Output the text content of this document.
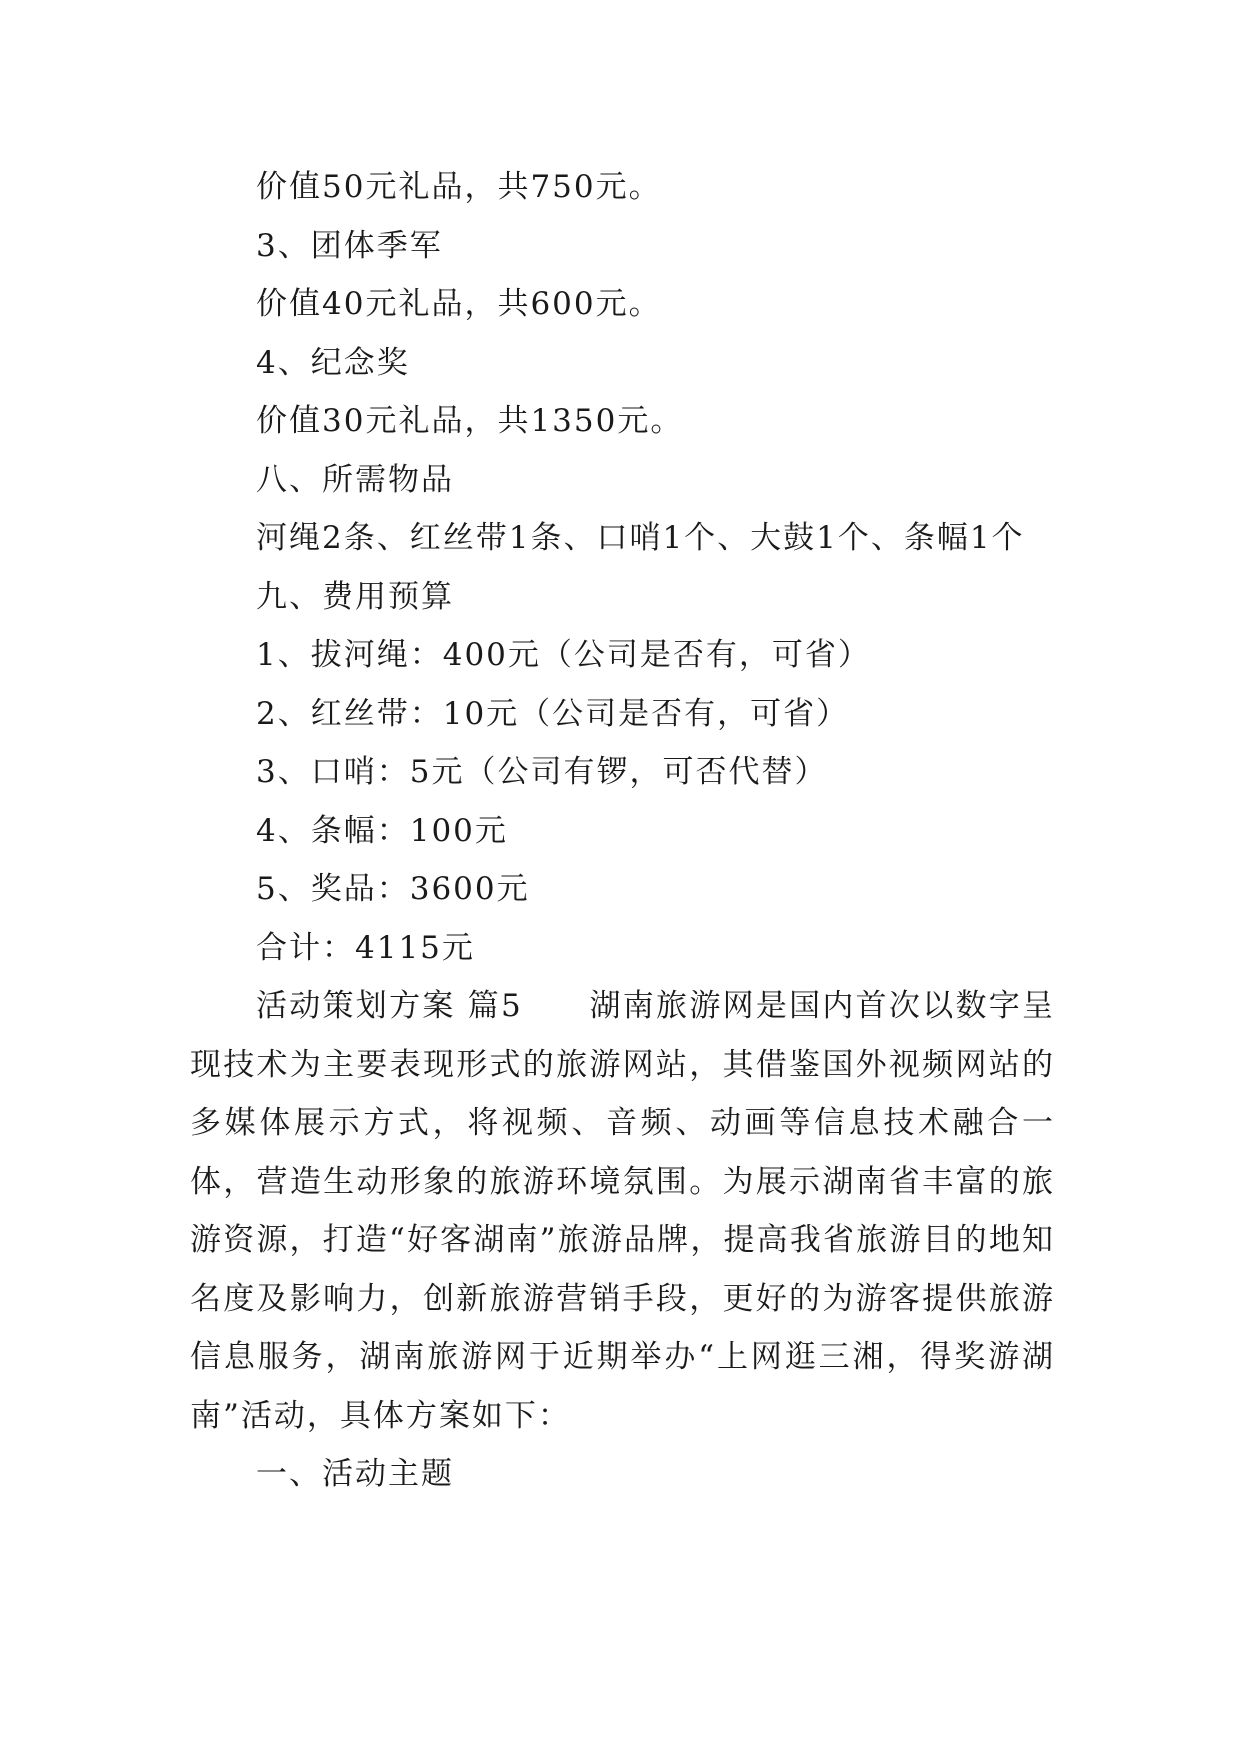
价值50元礼品，共750元。

3、团体季军

价值40元礼品，共600元。

4、纪念奖

价值30元礼品，共1350元。

八、所需物品

河绳2条、红丝带1条、口哨1个、大鼓1个、条幅1个

九、费用预算

1、拔河绳：400元（公司是否有，可省）

2、红丝带：10元（公司是否有，可省）

3、口哨：5元（公司有锣，可否代替）

4、条幅：100元

5、奖品：3600元

合计：4115元

活动策划方案 篇5　　湖南旅游网是国内首次以数字呈现技术为主要表现形式的旅游网站，其借鉴国外视频网站的多媒体展示方式，将视频、音频、动画等信息技术融合一体，营造生动形象的旅游环境氛围。为展示湖南省丰富的旅游资源，打造“好客湖南”旅游品牌，提高我省旅游目的地知名度及影响力，创新旅游营销手段，更好的为游客提供旅游信息服务，湖南旅游网于近期举办“上网逛三湘，得奖游湖南”活动，具体方案如下：

一、活动主题
